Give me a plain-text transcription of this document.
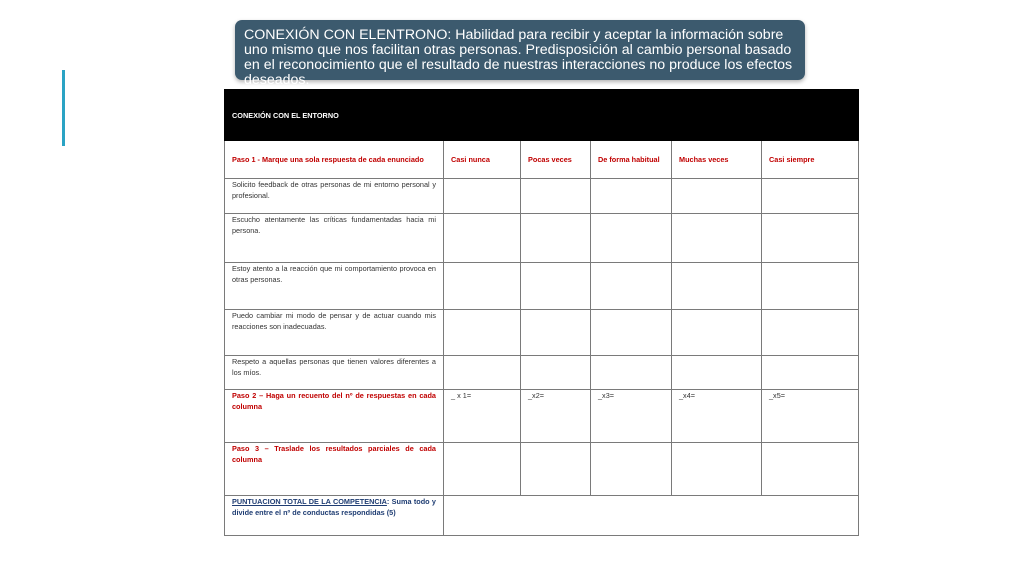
CONEXIÓN CON ELENTRONO: Habilidad para recibir y aceptar la información sobre uno mismo que nos facilitan otras personas. Predisposición al cambio personal basado en el reconocimiento que el resultado de nuestras interacciones no produce los efectos deseados.
CONEXIÓN CON EL ENTORNO					
Paso 1 - Marque una sola respuesta de cada enunciado	Casi nunca	Pocas veces	De forma habitual	Muchas veces	Casi siempre
Solicito feedback de otras personas de mi entorno personal y profesional.					
Escucho atentamente las críticas fundamentadas hacia mi persona.					
Estoy atento a la reacción que mi comportamiento provoca en otras personas.					
Puedo cambiar mi modo de pensar y de actuar cuando mis reacciones son inadecuadas.					
Respeto a aquellas personas que tienen valores diferentes a los míos.					
Paso 2 – Haga un recuento del nº de respuestas en cada columna	_ x 1=	_x2=	_x3=	_x4=	_x5=
Paso 3 – Traslade los resultados parciales de cada columna					
PUNTUACION TOTAL DE LA COMPETENCIA: Suma todo y divide entre el nº de conductas respondidas (5)					
